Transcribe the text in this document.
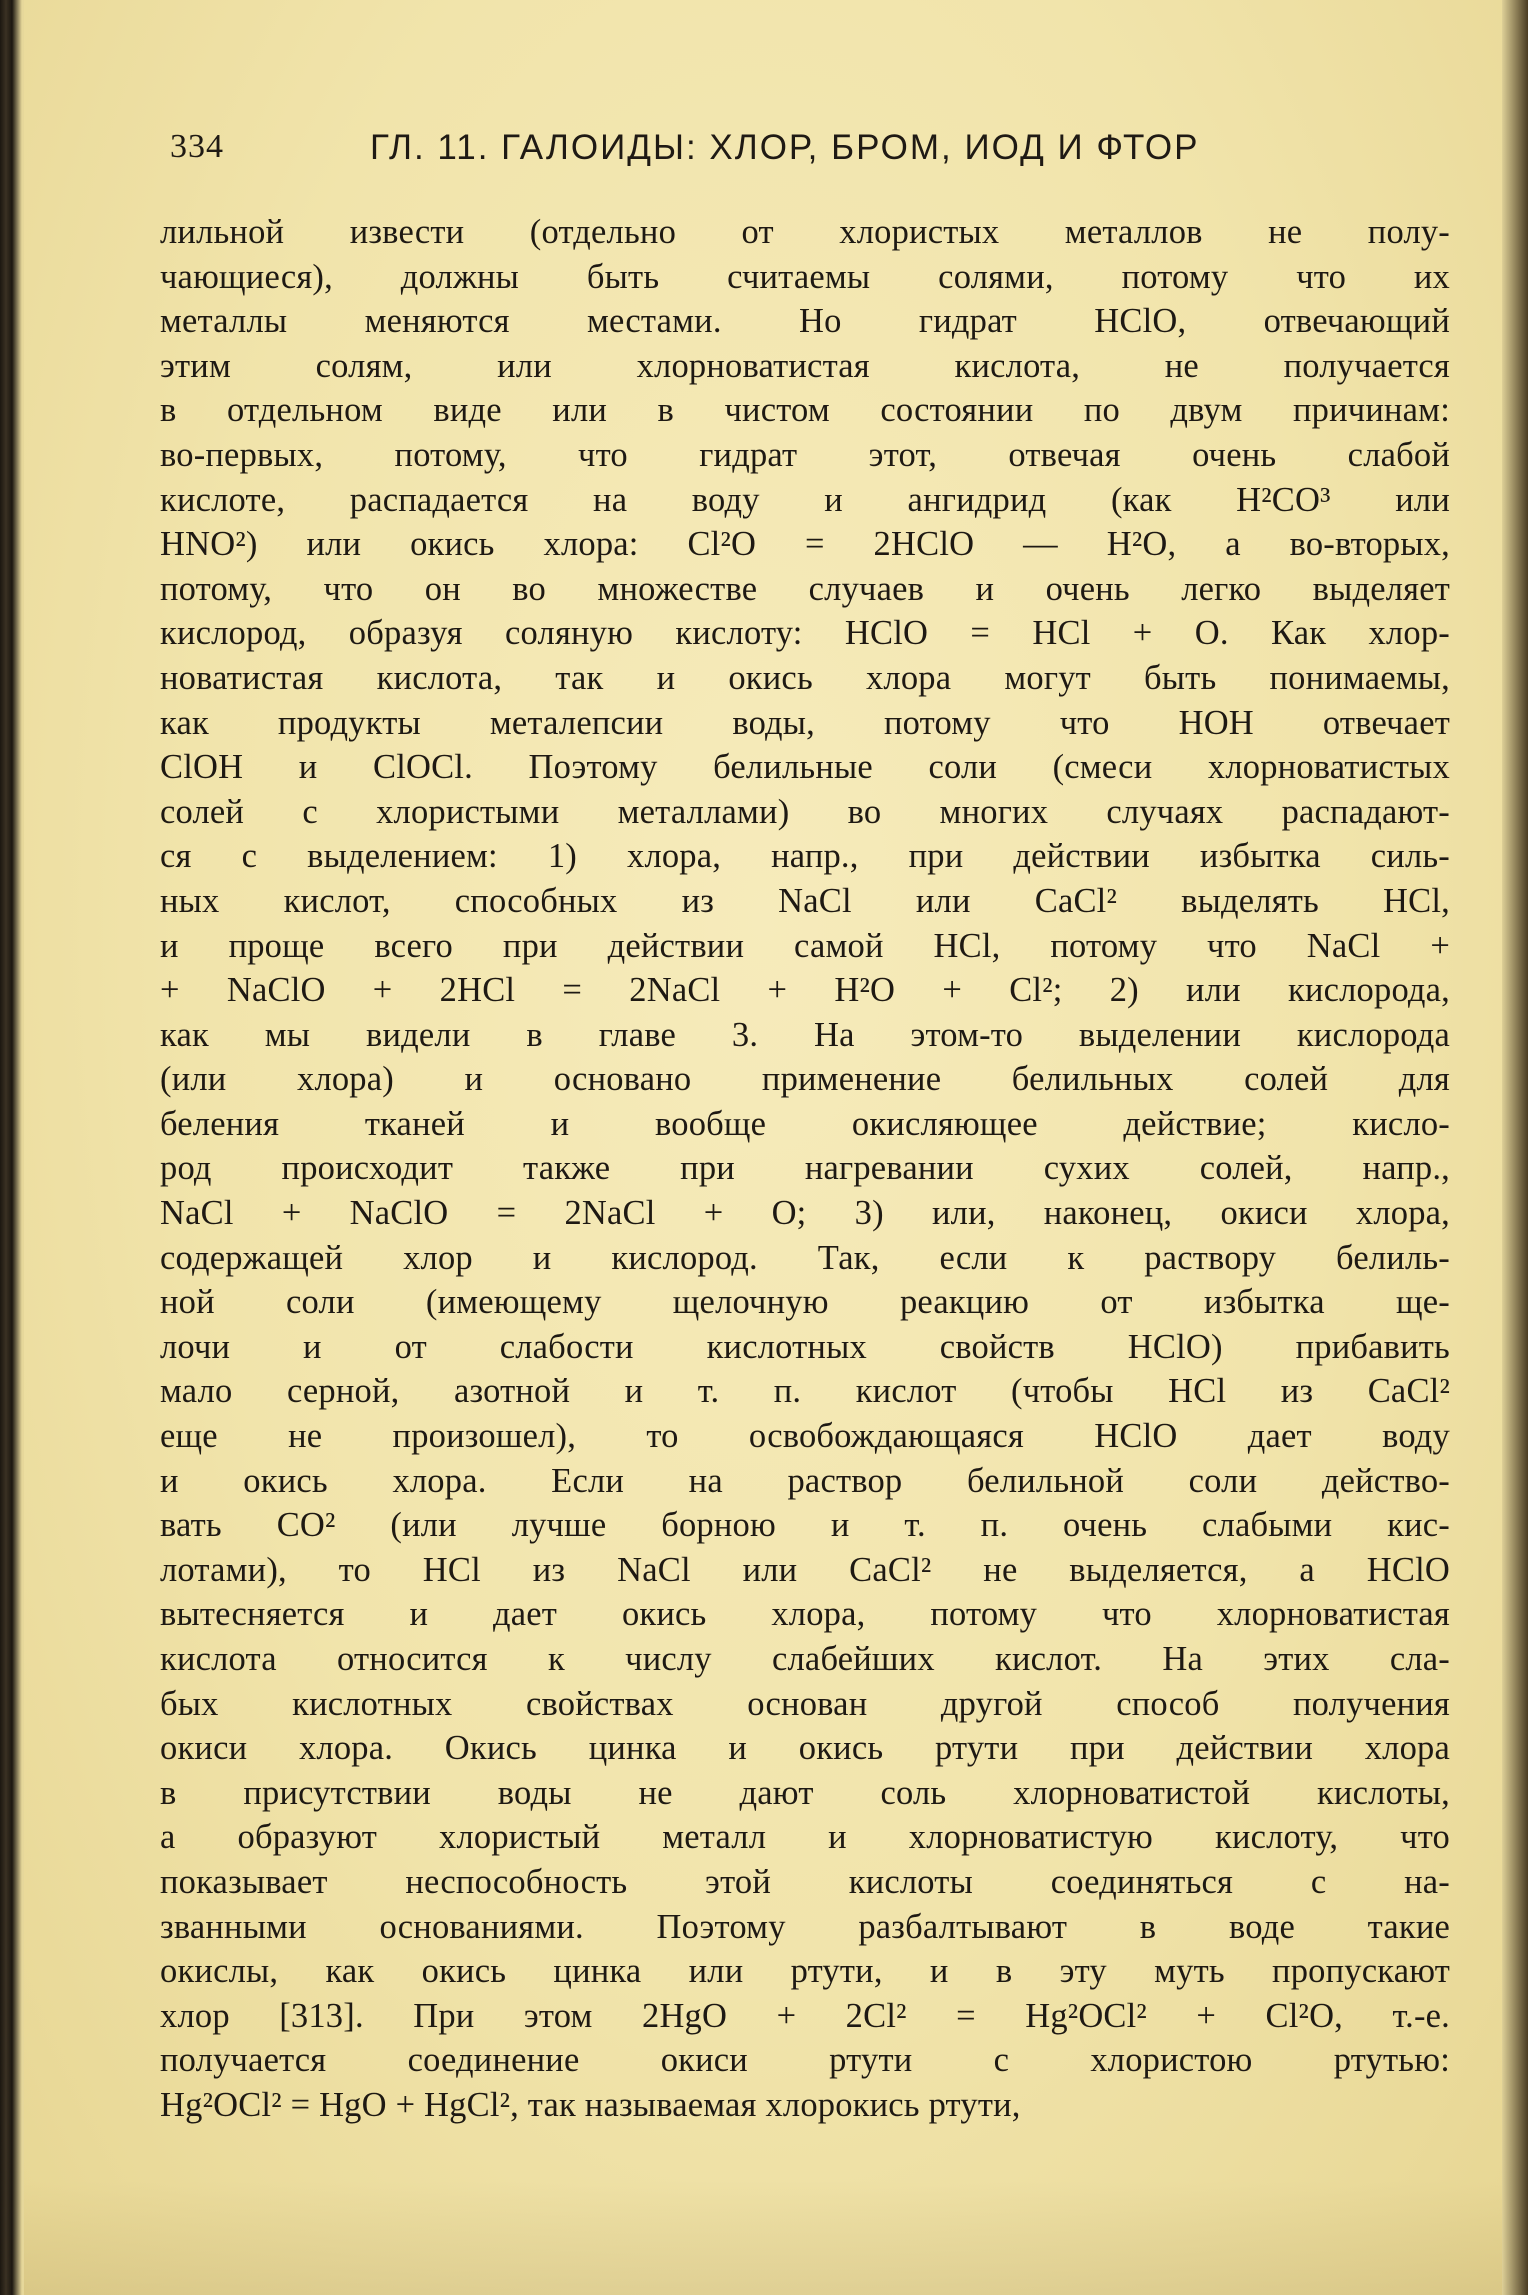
334	ГЛ. 11. ГАЛОИДЫ: ХЛОР, БРОМ, ИОД И ФТОР
лильной извести (отдельно от хлористых металлов не полу-
чающиеся), должны быть считаемы солями, потому что их
металлы меняются местами. Но гидрат HClO, отвечающий
этим солям, или хлорноватистая кислота, не получается
в отдельном виде или в чистом состоянии по двум причинам:
во-первых, потому, что гидрат этот, отвечая очень слабой
кислоте, распадается на воду и ангидрид (как H²CO³ или
HNO²) или окись хлора: Cl²O = 2HClO — H²O, а во-вторых,
потому, что он во множестве случаев и очень легко выделяет
кислород, образуя соляную кислоту: HClO = HCl + O. Как хлор-
новатистая кислота, так и окись хлора могут быть понимаемы,
как продукты металепсии воды, потому что HOH отвечает
ClOH и ClOCl. Поэтому белильные соли (смеси хлорноватистых
солей с хлористыми металлами) во многих случаях распадают-
ся с выделением: 1) хлора, напр., при действии избытка силь-
ных кислот, способных из NaCl или CaCl² выделять HCl,
и проще всего при действии самой HCl, потому что NaCl +
+ NaClO + 2HCl = 2NaCl + H²O + Cl²; 2) или кислорода,
как мы видели в главе 3. На этом-то выделении кислорода
(или хлора) и основано применение белильных солей для
беления тканей и вообще окисляющее действие; кисло-
род происходит также при нагревании сухих солей, напр.,
NaCl + NaClO = 2NaCl + O; 3) или, наконец, окиси хлора,
содержащей хлор и кислород. Так, если к раствору белиль-
ной соли (имеющему щелочную реакцию от избытка ще-
лочи и от слабости кислотных свойств HClO) прибавить
мало серной, азотной и т. п. кислот (чтобы HCl из CaCl²
еще не произошел), то освобождающаяся HClO дает воду
и окись хлора. Если на раствор белильной соли действо-
вать CO² (или лучше борною и т. п. очень слабыми кис-
лотами), то HCl из NaCl или CaCl² не выделяется, а HClO
вытесняется и дает окись хлора, потому что хлорноватистая
кислота относится к числу слабейших кислот. На этих сла-
бых кислотных свойствах основан другой способ получения
окиси хлора. Окись цинка и окись ртути при действии хлора
в присутствии воды не дают соль хлорноватистой кислоты,
а образуют хлористый металл и хлорноватистую кислоту, что
показывает неспособность этой кислоты соединяться с на-
званными основаниями. Поэтому разбалтывают в воде такие
окислы, как окись цинка или ртути, и в эту муть пропускают
хлор [313]. При этом 2HgO + 2Cl² = Hg²OCl² + Cl²O, т.-е.
получается соединение окиси ртути с хлористою ртутью:
Hg²OCl² = HgO + HgCl², так называемая хлорокись ртути,
